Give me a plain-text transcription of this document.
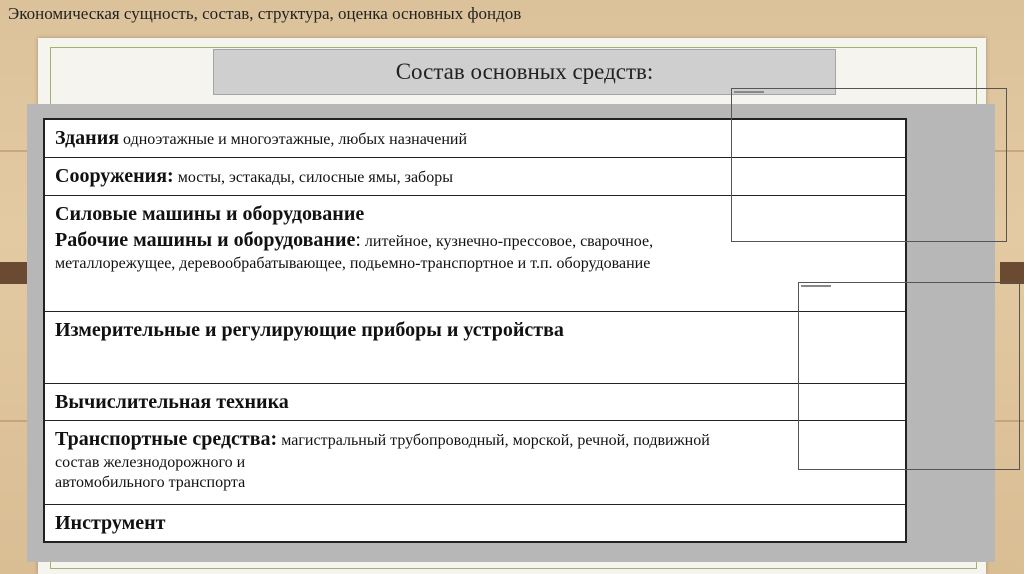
Экономическая сущность, состав, структура, оценка основных фондов
Состав основных средств:
Здания одноэтажные и многоэтажные, любых назначений
Сооружения: мосты, эстакады, силосные ямы, заборы
Силовые машины и оборудование
Рабочие машины и оборудование: литейное, кузнечно-прессовое, сварочное,
металлорежущее, деревообрабатывающее, подьемно-транспортное и т.п. оборудование
Измерительные и регулирующие приборы и устройства
Вычислительная техника
Транспортные средства: магистральный трубопроводный, морской, речной, подвижной
состав железнодорожного и
автомобильного транспорта
Инструмент
